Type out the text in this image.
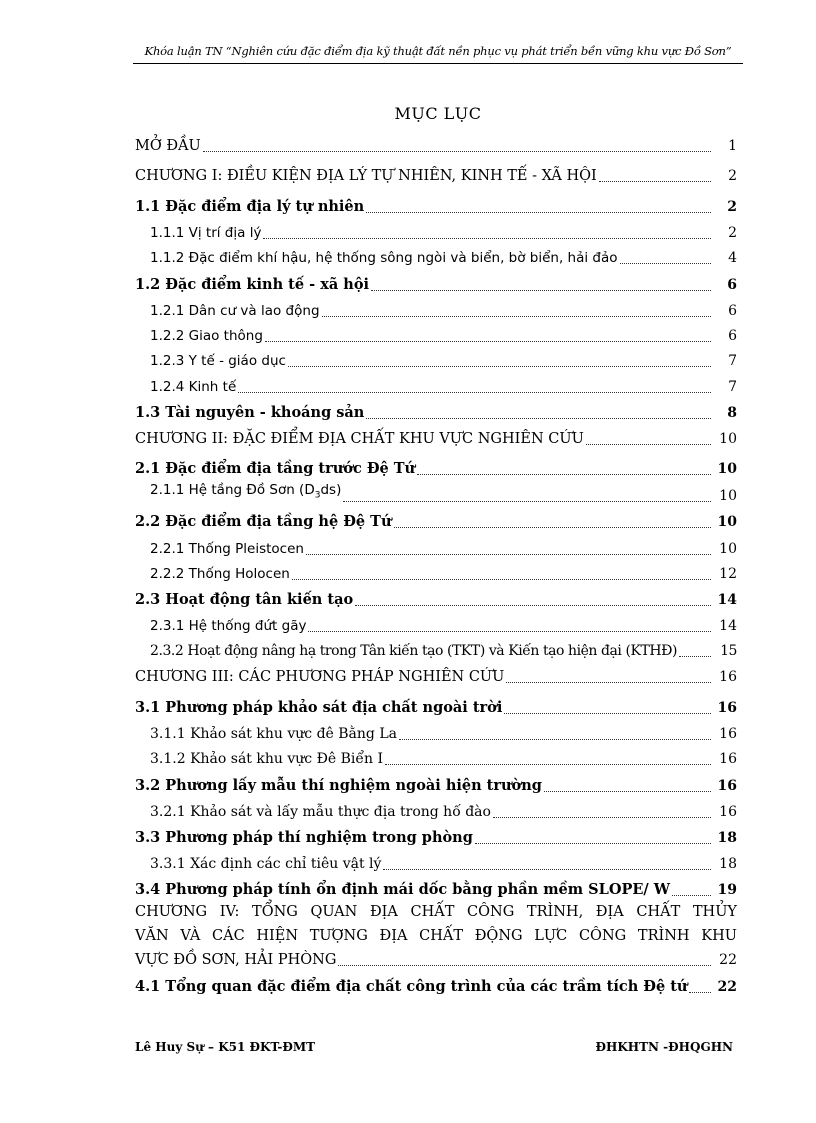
Khóa luận TN “Nghiên cứu đặc điểm địa kỹ thuật đất nền phục vụ phát triển bền vững khu vực Đồ Sơn”
MỤC LỤC
MỞ ĐẦU	1
CHƯƠNG I: ĐIỀU KIỆN ĐỊA LÝ TỰ NHIÊN, KINH TẾ - XÃ HỘI	2
1.1 Đặc điểm địa lý tự nhiên	2
1.1.1 Vị trí địa lý	2
1.1.2 Đặc điểm khí hậu, hệ thống sông ngòi và biển, bờ biển, hải đảo	4
1.2 Đặc điểm kinh tế - xã hội	6
1.2.1 Dân cư và lao động	6
1.2.2 Giao thông	6
1.2.3 Y tế - giáo dục	7
1.2.4 Kinh tế	7
1.3 Tài nguyên - khoáng sản	8
CHƯƠNG II: ĐẶC ĐIỂM ĐỊA CHẤT KHU VỰC NGHIÊN CỨU	10
2.1 Đặc điểm địa tầng trước Đệ Tứ	10
2.1.1 Hệ tầng Đồ Sơn $(D_3ds)$	10
2.2 Đặc điểm địa tầng hệ Đệ Tứ	10
2.2.1 Thống Pleistocen	10
2.2.2 Thống Holocen	12
2.3 Hoạt động tân kiến tạo	14
2.3.1 Hệ thống đứt gãy	14
2.3.2 Hoạt động nâng hạ trong Tân kiến tạo (TKT) và Kiến tạo hiện đại (KTHĐ)	15
CHƯƠNG III: CÁC PHƯƠNG PHÁP NGHIÊN CỨU	16
3.1 Phương pháp khảo sát địa chất ngoài trời	16
3.1.1 Khảo sát khu vực đê Bằng La	16
3.1.2 Khảo sát khu vực Đê Biển I	16
3.2 Phương lấy mẫu thí nghiệm ngoài hiện trường	16
3.2.1 Khảo sát và lấy mẫu thực địa trong hố đào	16
3.3 Phương pháp thí nghiệm trong phòng	18
3.3.1 Xác định các chỉ tiêu vật lý	18
3.4 Phương pháp tính ổn định mái dốc bằng phần mềm SLOPE/ W	19
CHƯƠNG IV: TỔNG QUAN ĐỊA CHẤT CÔNG TRÌNH, ĐỊA CHẤT THỦY
VĂN VÀ CÁC HIỆN TƯỢNG ĐỊA CHẤT ĐỘNG LỰC CÔNG TRÌNH KHU
VỰC ĐỒ SƠN, HẢI PHÒNG	22
4.1 Tổng quan đặc điểm địa chất công trình của các trầm tích Đệ tứ	22
Lê Huy Sự – K51 ĐKT-ĐMT	ĐHKHTN -ĐHQGHN
